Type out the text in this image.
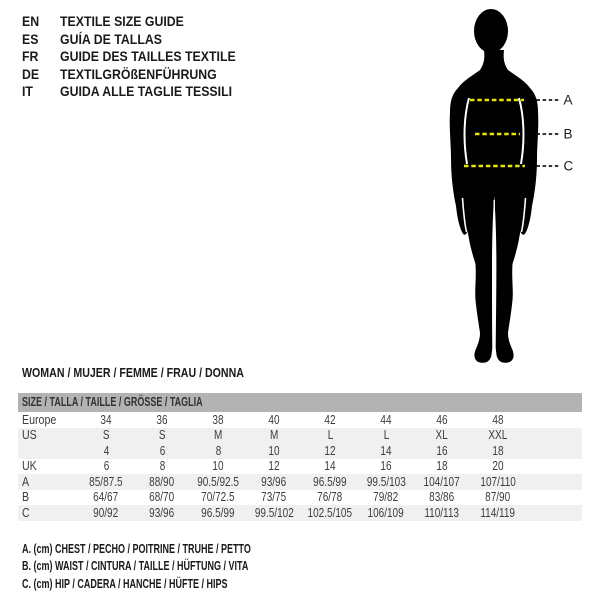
EN	TEXTILE SIZE GUIDE
ES	GUÍA DE TALLAS
FR	GUIDE DES TAILLES TEXTILE
DE	TEXTILGRÖßENFÜHRUNG
IT	GUIDA ALLE TAGLIE TESSILI
A
B
C
WOMAN / MUJER / FEMME / FRAU / DONNA
SIZE / TALLA / TAILLE / GRÖSSE / TAGLIA
Europe	34	36	38	40	42	44	46	48
US	S	S	M	M	L	L	XL	XXL
4	6	8	10	12	14	16	18
UK	6	8	10	12	14	16	18	20
A	85/87.5 88/90 90.5/92.5 93/96 96.5/99 99.5/103 104/107 107/110
B	64/67 68/70 70/72.5 73/75 76/78 79/82 83/86 87/90
C	90/92 93/96 96.5/99 99.5/102 102.5/105 106/109 110/113 114/119
A. (cm) CHEST / PECHO / POITRINE / TRUHE / PETTO
B. (cm) WAIST / CINTURA / TAILLE / HÜFTUNG / VITA
C. (cm) HIP / CADERA / HANCHE / HÜFTE / HIPS
